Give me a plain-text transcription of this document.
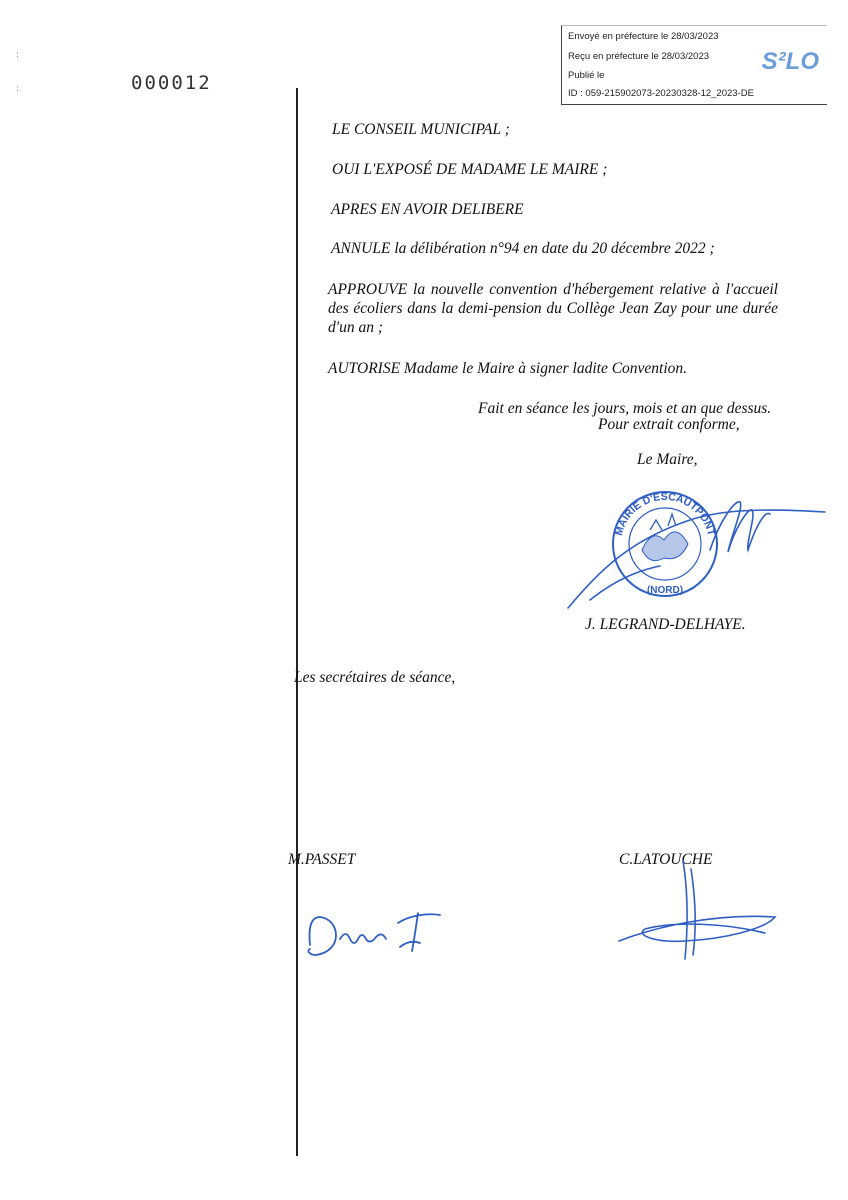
:
:	000012
Envoyé en préfecture le 28/03/2023
Reçu en préfecture le 28/03/2023
Publié le
ID : 059-215902073-20230328-12_2023-DE
S²LO
LE CONSEIL MUNICIPAL ;
OUI L'EXPOSÉ DE MADAME LE MAIRE ;
APRES EN AVOIR DELIBERE
ANNULE la délibération n°94 en date du 20 décembre 2022 ;
APPROUVE la nouvelle convention d'hébergement relative à l'accueil des écoliers dans la demi-pension du Collège Jean Zay pour une durée d'un an ;
AUTORISE Madame le Maire à signer ladite Convention.
Fait en séance les jours, mois et an que dessus.
Pour extrait conforme,
Le Maire,
MAIRIE D'ESCAUTPONT
(NORD)
J. LEGRAND-DELHAYE.
Les secrétaires de séance,
M.PASSET	C.LATOUCHE
